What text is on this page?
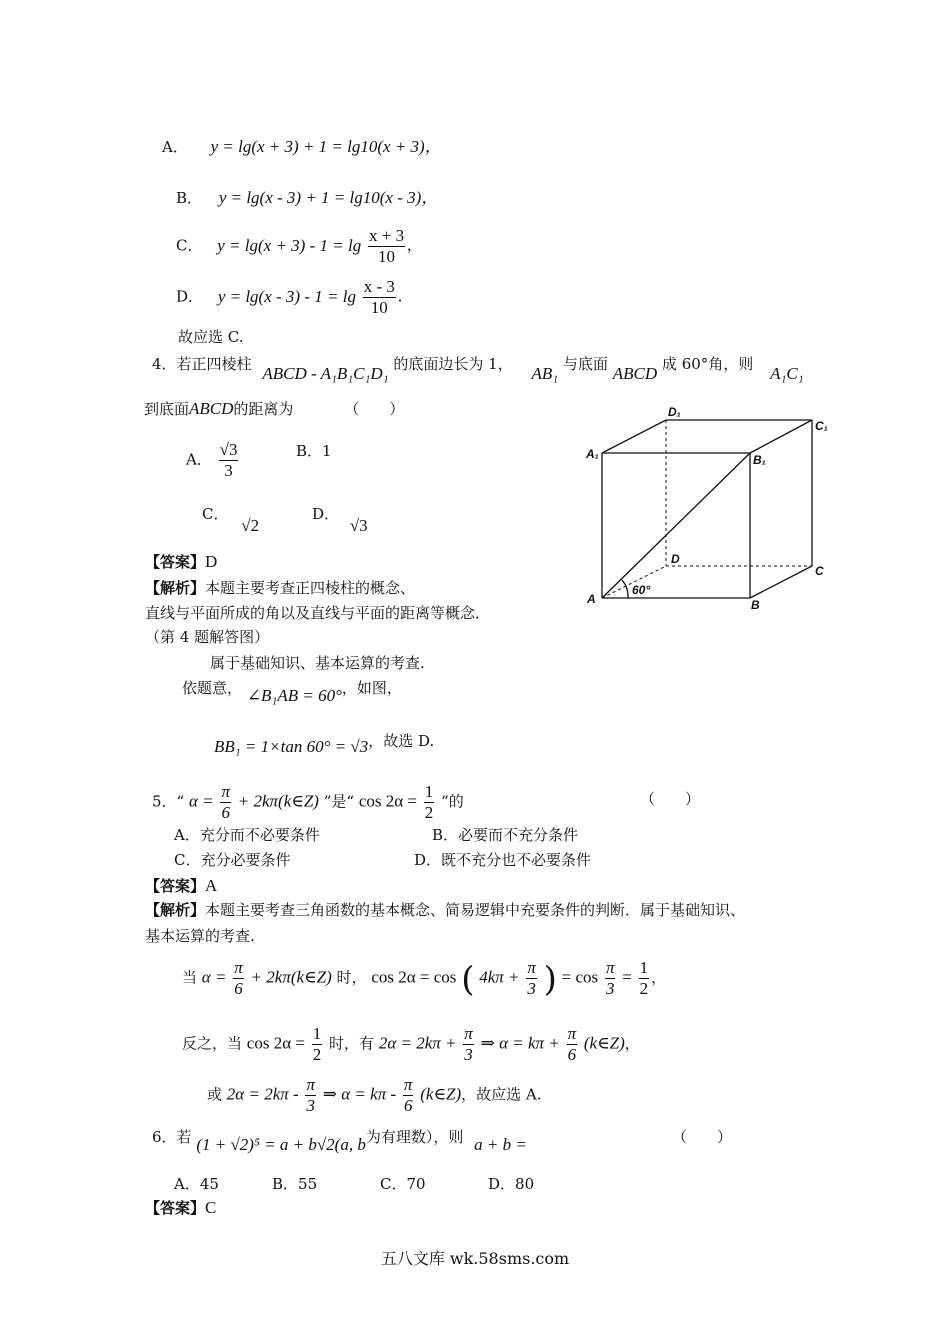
A． y = lg(x + 3) + 1 = lg10(x + 3)，
B． y = lg(x - 3) + 1 = lg10(x - 3)，
C． $y = \lg(x + 3) - 1 = \lg \frac{x + 3}{10}$ ,
D． $y = \lg(x - 3) - 1 = \lg \frac{x - 3}{10}$ .
故应选 C.
4．若正四棱柱 ABCD - A₁B₁C₁D₁ 的底面边长为 1， AB₁ 与底面 ABCD 成 60°角，则 A₁C₁
到底面ABCD的距离为	（　　）
A． $\frac{√3}{3}$	B．1
C． √2
D． √3
【答案】D
【解析】本题主要考查正四棱柱的概念、
直线与平面所成的角以及直线与平面的距离等概念．
（第 4 题解答图）
属于基础知识、基本运算的考查.
依题意， ∠B₁AB = 60°，如图，
BB₁ = 1×tan 60° = √3，故选 D.
D₁
C₁
A₁	B₁
D
C
A	B
60°
5．“ $\alpha = \frac{\pi}{6}$ + 2kπ(k∈Z) ”是“ $\cos 2\alpha = \frac{1}{2}$ ”的	（　　）
A．充分而不必要条件	B．必要而不充分条件
C．充分必要条件	D．既不充分也不必要条件
【答案】A
【解析】本题主要考查三角函数的基本概念、简易逻辑中充要条件的判断．属于基础知识、
基本运算的考查.
当 $\alpha = \frac{\pi}{6}$ + 2kπ(k∈Z) 时， cos 2α = cos ( $4k\pi + \frac{\pi}{3}$ ) = $\cos \frac{\pi}{3} = \frac{1}{2}$ ，
反之，当 $\cos 2\alpha = \frac{1}{2}$ 时，有 $2\alpha = 2k\pi + \frac{\pi}{3}$ ⇒ $\alpha = k\pi + \frac{\pi}{6}$ (k∈Z)，
或 $2\alpha = 2k\pi - \frac{\pi}{3}$ ⇒ $\alpha = k\pi - \frac{\pi}{6}$ (k∈Z)，故应选 A.
6．若 (1 + √2)⁵ = a + b√2(a, b为有理数），则 a + b =	（　　）
A．45	B．55	C．70	D．80
【答案】C
五八文库 wk.58sms.com
